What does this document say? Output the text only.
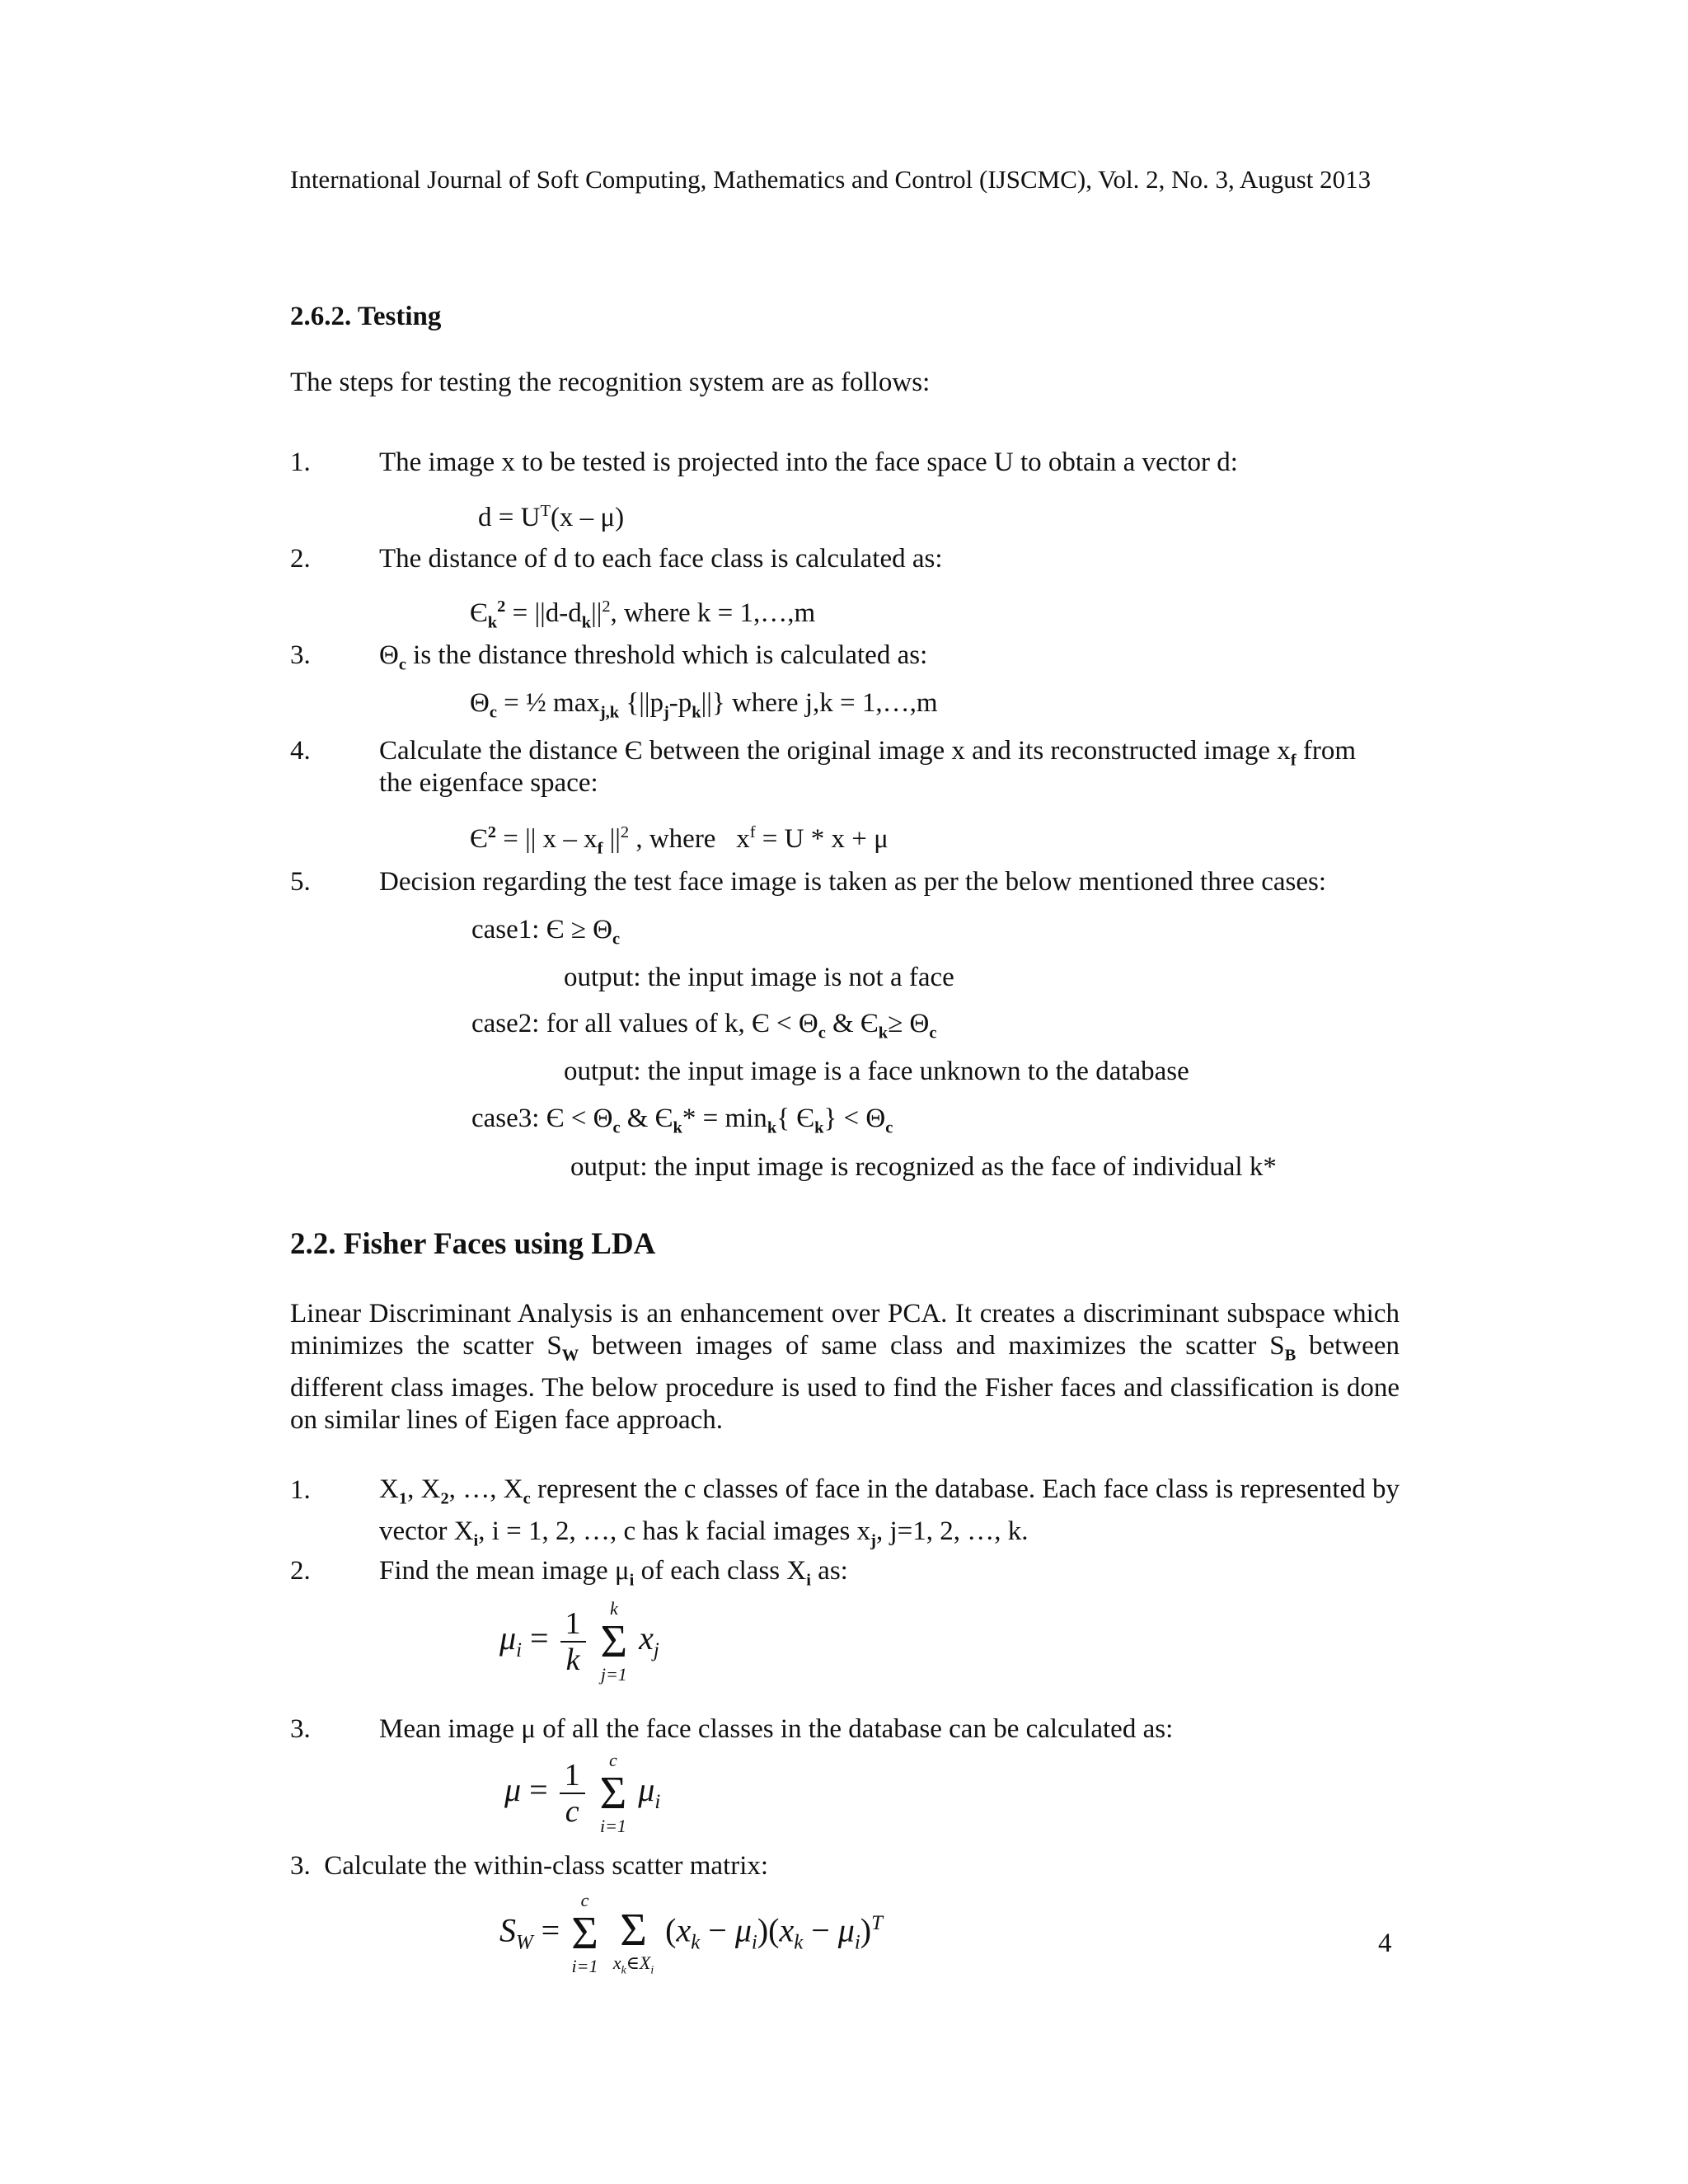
International Journal of Soft Computing, Mathematics and Control (IJSCMC), Vol. 2, No. 3, August 2013
2.6.2. Testing
The steps for testing the recognition system are as follows:
1.	The image x to be tested is projected into the face space U to obtain a vector d:
$d = U^T(x - \mu)$
2.	The distance of d to each face class is calculated as:
$Є_k^2 = ||d-d_k||^2$, where k = 1,…,m
3.	$\Theta_c$ is the distance threshold which is calculated as:
$\Theta_c$ = ½ $\max_{j,k} \{||p_j-p_k||\}$ where j,k = 1,…,m
4.	Calculate the distance Є between the original image x and its reconstructed image $x_f$ from
the eigenface space:
$Є^2$ = || x – $x_f$ $||^2$ , where $x^f = U * x + \mu$
5.	Decision regarding the test face image is taken as per the below mentioned three cases:
case1: $Є \ge \Theta_c$
output: the input image is not a face
case2: for all values of k, $Є < \Theta_c$ & $Є_k\ge \Theta_c$
output: the input image is a face unknown to the database
case3: $Є < \Theta_c$ & $Є_k* = \min_k${ $Є_k\} < \Theta_c$
output: the input image is recognized as the face of individual k*
2.2. Fisher Faces using LDA
Linear Discriminant Analysis is an enhancement over PCA. It creates a discriminant subspace which minimizes the scatter $S_W$ between images of same class and maximizes the scatter $S_B$ between different class images. The below procedure is used to find the Fisher faces and classification is done on similar lines of Eigen face approach.
1.	$X_1$, $X_2$, …, $X_c$ represent the c classes of face in the database. Each face class is represented by vector $X_i$, i = 1, 2, …, c has k facial images $x_j$, j=1, 2, …, k.
2.	Find the mean image $\mu_i$ of each class $X_i$ as:
$\mu_i = \frac{1}{k}$
	k
Σ
j=1
$x_j$
3.	Mean image μ of all the face classes in the database can be calculated as:
$\mu = \frac{1}{c}$
	c
Σ
i=1
$\mu_i$
3. Calculate the within-class scatter matrix:
$S_W$ =
c
Σ
i=1

Σ
$x_k\in X_i$
$(x_k - \mu_i)(x_k - \mu_i)^T$
4
